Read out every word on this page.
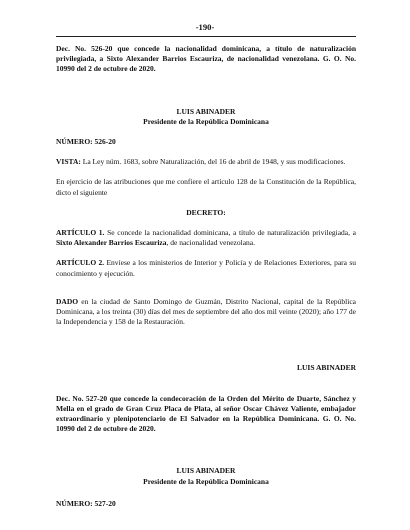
-190-

Dec. No. 526-20 que concede la nacionalidad dominicana, a título de naturalización privilegiada, a Sixto Alexander Barrios Escauriza, de nacionalidad venezolana. G. O. No. 10990 del 2 de octubre de 2020.

LUIS ABINADER

Presidente de la República Dominicana

NÚMERO: 526-20

VISTA: La Ley núm. 1683, sobre Naturalización, del 16 de abril de 1948, y sus modificaciones.

En ejercicio de las atribuciones que me confiere el artículo 128 de la Constitución de la República, dicto el siguiente

DECRETO:

ARTÍCULO 1. Se concede la nacionalidad dominicana, a título de naturalización privilegiada, a Sixto Alexander Barrios Escauriza, de nacionalidad venezolana.

ARTÍCULO 2. Envíese a los ministerios de Interior y Policía y de Relaciones Exteriores, para su conocimiento y ejecución.

DADO en la ciudad de Santo Domingo de Guzmán, Distrito Nacional, capital de la República Dominicana, a los treinta (30) días del mes de septiembre del año dos mil veinte (2020); año 177 de la Independencia y 158 de la Restauración.

LUIS ABINADER

Dec. No. 527-20 que concede la condecoración de la Orden del Mérito de Duarte, Sánchez y Mella en el grado de Gran Cruz Placa de Plata, al señor Oscar Chávez Valiente, embajador extraordinario y plenipotenciario de El Salvador en la República Dominicana. G. O. No. 10990 del 2 de octubre de 2020.

LUIS ABINADER

Presidente de la República Dominicana

NÚMERO: 527-20
